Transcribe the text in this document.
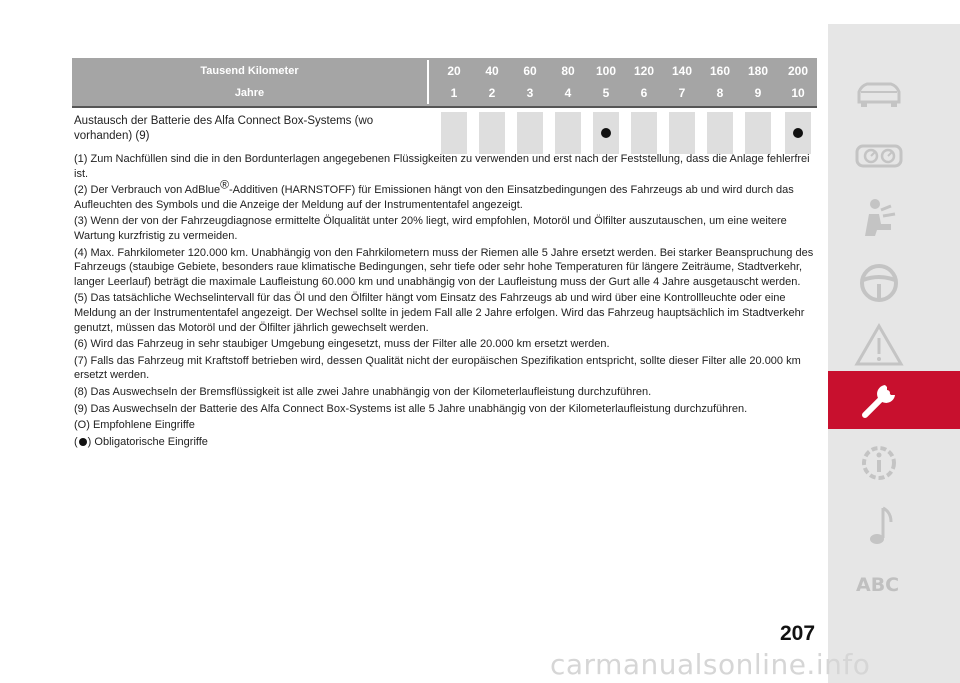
Tausend Kilometer
Jahre
20
1
40
2
60
3
80
4
100
5
120
6
140
7
160
8
180
9
200
10
Austausch der Batterie des Alfa Connect Box-Systems (wo vorhanden) (9)

(1) Zum Nachfüllen sind die in den Bordunterlagen angegebenen Flüssigkeiten zu verwenden und erst nach der Feststellung, dass die Anlage fehlerfrei ist.

(2) Der Verbrauch von AdBlue®-Additiven (HARNSTOFF) für Emissionen hängt von den Einsatzbedingungen des Fahrzeugs ab und wird durch das Aufleuchten des Symbols und die Anzeige der Meldung auf der Instrumententafel angezeigt.

(3) Wenn der von der Fahrzeugdiagnose ermittelte Ölqualität unter 20% liegt, wird empfohlen, Motoröl und Ölfilter auszutauschen, um eine weitere Wartung kurzfristig zu vermeiden.

(4) Max. Fahrkilometer 120.000 km. Unabhängig von den Fahrkilometern muss der Riemen alle 5 Jahre ersetzt werden. Bei starker Beanspruchung des Fahrzeugs (staubige Gebiete, besonders raue klimatische Bedingungen, sehr tiefe oder sehr hohe Temperaturen für längere Zeiträume, Stadtverkehr, langer Leerlauf) beträgt die maximale Laufleistung 60.000 km und unabhängig von der Laufleistung muss der Gurt alle 4 Jahre ausgetauscht werden.

(5) Das tatsächliche Wechselintervall für das Öl und den Ölfilter hängt vom Einsatz des Fahrzeugs ab und wird über eine Kontrollleuchte oder eine Meldung an der Instrumententafel angezeigt. Der Wechsel sollte in jedem Fall alle 2 Jahre erfolgen. Wird das Fahrzeug hauptsächlich im Stadtverkehr genutzt, müssen das Motoröl und der Ölfilter jährlich gewechselt werden.

(6) Wird das Fahrzeug in sehr staubiger Umgebung eingesetzt, muss der Filter alle 20.000 km ersetzt werden.

(7) Falls das Fahrzeug mit Kraftstoff betrieben wird, dessen Qualität nicht der europäischen Spezifikation entspricht, sollte dieser Filter alle 20.000 km ersetzt werden.

(8) Das Auswechseln der Bremsflüssigkeit ist alle zwei Jahre unabhängig von der Kilometerlaufleistung durchzuführen.

(9) Das Auswechseln der Batterie des Alfa Connect Box-Systems ist alle 5 Jahre unabhängig von der Kilometerlaufleistung durchzuführen.

(O) Empfohlene Eingriffe

( ) Obligatorische Eingriffe

ABC
207
carmanualsonline.info
